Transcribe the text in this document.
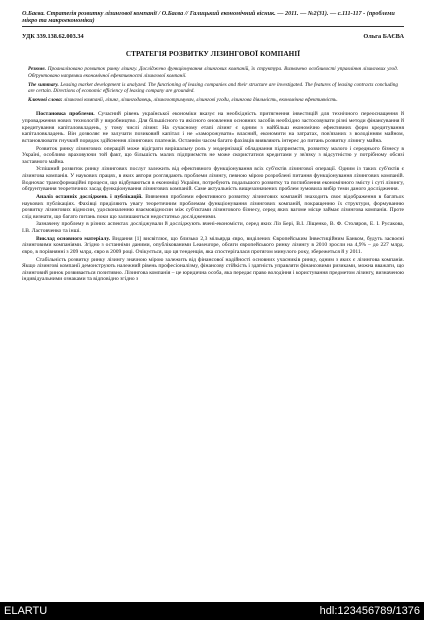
О.Баєва. Стратегія розвитку лізингової компанії / О.Баєва // Галицький економічний вісник. — 2011. — №2(31). — с.111-117 - (проблеми мікро та макроекономіки)
УДК 339.138.62.003.34	Ольга БАЄВА
СТРАТЕГІЯ РОЗВИТКУ ЛІЗИНГОВОЇ КОМПАНІЇ
Резюме. Проаналізовано розвиток ринку лізингу. Досліджено функціонування лізингових компаній, їх структура. Визначено особливості управління лізингових угод. Обґрунтовано напрямки економічної ефективності лізингової компанії.
The summary. Leasing market development is analyzed. The functioning of leasing companies and their structure are investigated. The features of leasing contracts concluding are certain. Directions of economic efficiency of leasing company are grounded.
Ключові слова: лізингові компанії, лізинг, лізингодавець, лізингоотримувач, лізингові угоди, лізингова діяльність, економічна ефективність.

Постановка проблеми. Сучасний рівень української економіки вказує на необхідність притягнення інвестицій для технічного переоснащення й упровадження нових технологій у виробництво. Для більшісного та якісного оновлення основних засобів необхідно застосовувати різні методи фінансування й кредитування капіталовкладень, у тому числі лізинг. На сучасному етапі лізинг є одним з найбільш економічно ефективних форм кредитування капіталовкладень. Він дозволяє не залучати позиковий капітал і не «заморожувати» власний, економити на затратах, пов'язаних з володінням майном, встановлювати гнучкий порядок здійснення лізингових платежів. Останнім часом багато фахівців виявляють інтерес до питань розвитку лізингу майна.

Розвиток ринку лізингових операцій може відіграти вирішальну роль у модернізації обладнання підприємств, розвитку малого і середнього бізнесу в Україні, особливо враховуючи той факт, що більшість малих підприємств не може скористатися кредитами у зв'язку з відсутністю у потрібному обсязі заставного майна.

Успішний розвиток ринку лізингових послуг залежить від ефективного функціонування всіх суб'єктів лізингової операції. Одним із таких суб'єктів є лізингова компанія. У наукових працях, в яких автори розглядають проблеми лізингу, певною мірою розроблені питання функціонування лізингових компаній. Водночас трансформаційні процеси, що відбуваються в економіці України, потребують подальшого розвитку та поглиблення економічного змісту і суті лізингу, обґрунтування теоретичних засад функціонування лізингових компаній. Саме актуальність вищезазначених проблем зумовила вибір теми даного дослідження.

Аналіз останніх досліджень і публікацій. Вивчення проблеми ефективного розвитку лізингових компаній знаходить своє відображення в багатьох наукових публікаціях. Фахівці приділяють увагу теоретичним проблемам функціонування лізингових компаній, покращенню їх структури, формуванню розвитку лізингових відносин, удосконаленню взаємовідносин між суб'єктами лізингового бізнесу, серед яких вагоме місце займає лізингова компанія. Проте слід визнати, що багато питань поки що залишаються недостатньо дослідженими.

Зазначену проблему в різних аспектах досліджували й досліджують вчені-економісти, серед яких Лiз Бері, В.І. Ліщенко, В. Ф. Столяров, Е. І. Русакова, І.В. Ластовченко та інші.

Виклад основного матеріалу. Видання [1] висвітлює, що близько 2,3 мільярда євро, виділених Європейським Інвестиційним Банком, будуть засвоєні лізинговими компаніями. Згідно з останніми даними, опублікованими Leaseurope, обсяги європейського ринку лізингу в 2010 зросли на 4,9% – до 227 млрд. євро, в порівнянні з 209 млрд. євро в 2009 році. Очікується, що ця тенденція, яка спостерігалася протягом минулого року, збережеться й у 2011.

Стабільність розвитку ринку лізингу значною мірою залежить від фінансової надійності основних учасників ринку, одним з яких є лізингова компанія. Якщо лізингові компанії демонструють належний рівень професіоналізму, фінансову стійкість і здатність управляти фінансовими ризиками, можна вважати, що лізинговий ринок розвивається позитивно. Лізингова компанія – це юридична особа, яка передає право володіння і користування предметом лізингу, визначеною індивідуальними ознаками та відповідно згідно з

ELARTU	hdl:123456789/1376
